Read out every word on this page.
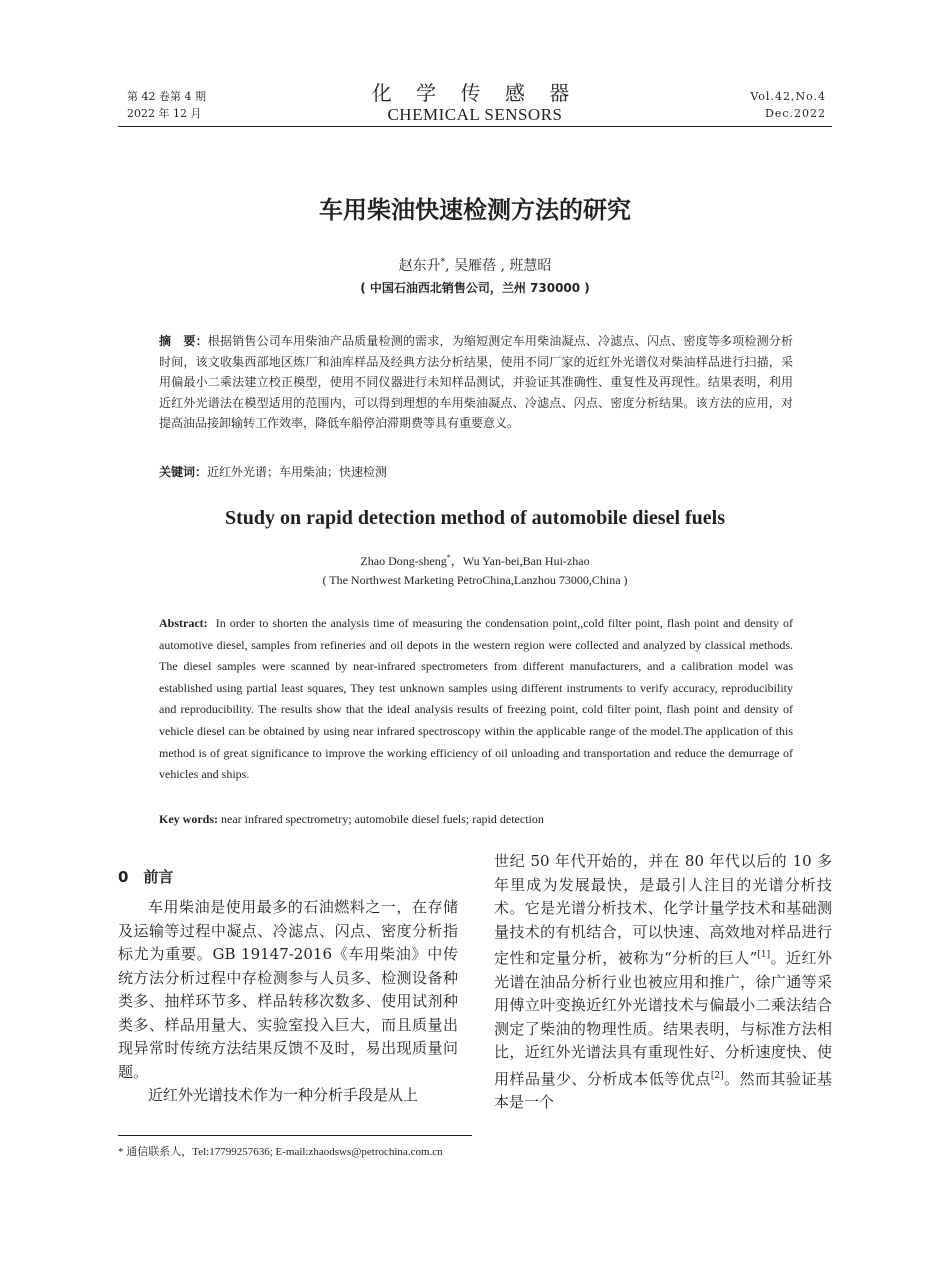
第 42 卷第 4 期
2022 年 12 月
化 学 传 感 器
CHEMICAL SENSORS
Vol.42,No.4
Dec.2022
车用柴油快速检测方法的研究
赵东升*, 吴雁蓓 , 班慧昭
( 中国石油西北销售公司，兰州 730000 )
摘　要：根据销售公司车用柴油产品质量检测的需求，为缩短测定车用柴油凝点、冷滤点、闪点、密度等多项检测分析时间，该文收集西部地区炼厂和油库样品及经典方法分析结果，使用不同厂家的近红外光谱仪对柴油样品进行扫描，采用偏最小二乘法建立校正模型，使用不同仪器进行未知样品测试，并验证其准确性、重复性及再现性。结果表明，利用近红外光谱法在模型适用的范围内，可以得到理想的车用柴油凝点、冷滤点、闪点、密度分析结果。该方法的应用，对提高油品接卸输转工作效率，降低车船停泊滞期费等具有重要意义。
关键词：近红外光谱；车用柴油；快速检测
Study on rapid detection method of automobile diesel fuels
Zhao Dong-sheng*，Wu Yan-bei,Ban Hui-zhao
( The Northwest Marketing PetroChina,Lanzhou 73000,China )
Abstract: In order to shorten the analysis time of measuring the condensation point,,cold filter point, flash point and density of automotive diesel, samples from refineries and oil depots in the western region were collected and analyzed by classical methods. The diesel samples were scanned by near-infrared spectrometers from different manufacturers, and a calibration model was established using partial least squares, They test unknown samples using different instruments to verify accuracy, reproducibility and reproducibility. The results show that the ideal analysis results of freezing point, cold filter point, flash point and density of vehicle diesel can be obtained by using near infrared spectroscopy within the applicable range of the model.The application of this method is of great significance to improve the working efficiency of oil unloading and transportation and reduce the demurrage of vehicles and ships.
Key words: near infrared spectrometry; automobile diesel fuels; rapid detection
0　前言

车用柴油是使用最多的石油燃料之一，在存储及运输等过程中凝点、冷滤点、闪点、密度分析指标尤为重要。GB 19147-2016《车用柴油》中传统方法分析过程中存检测参与人员多、检测设备种类多、抽样环节多、样品转移次数多、使用试剂种类多、样品用量大、实验室投入巨大，而且质量出现异常时传统方法结果反馈不及时，易出现质量问题。

近红外光谱技术作为一种分析手段是从上

世纪 50 年代开始的，并在 80 年代以后的 10 多年里成为发展最快，是最引人注目的光谱分析技术。它是光谱分析技术、化学计量学技术和基础测量技术的有机结合，可以快速、高效地对样品进行定性和定量分析，被称为“分析的巨人”[1]。近红外光谱在油品分析行业也被应用和推广，徐广通等采用傅立叶变换近红外光谱技术与偏最小二乘法结合测定了柴油的物理性质。结果表明，与标准方法相比，近红外光谱法具有重现性好、分析速度快、使用样品量少、分析成本低等优点[2]。然而其验证基本是一个

* 通信联系人，Tel:17799257636; E-mail:zhaodsws@petrochina.com.cn
